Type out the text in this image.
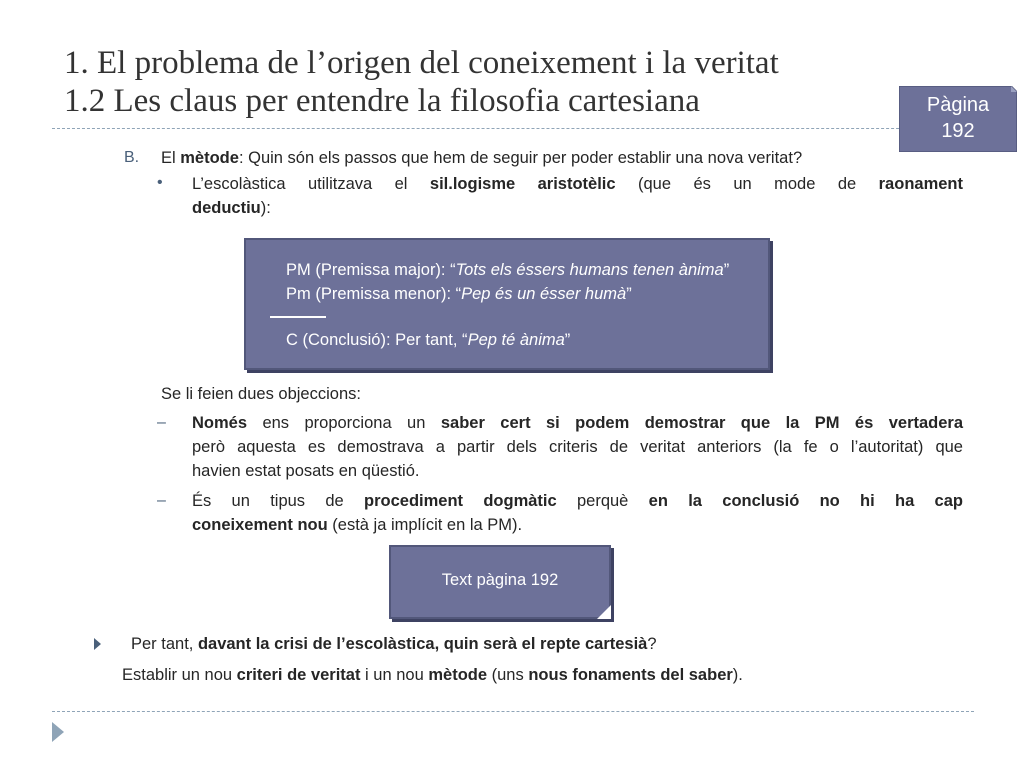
1. El problema de l’origen del coneixement i la veritat
1.2 Les claus per entendre la filosofia cartesiana	Pàgina
192
B. El mètode: Quin són els passos que hem de seguir per poder establir una nova veritat?
• L’escolàstica utilitzava el sil.logisme aristotèlic (que és un mode de raonament
deductiu):
PM (Premissa major): “Tots els éssers humans tenen ànima”
Pm (Premissa menor): “Pep és un ésser humà”
C (Conclusió): Per tant, “Pep té ànima”
Se li feien dues objeccions:
– Només ens proporciona un saber cert si podem demostrar que la PM és vertadera
però aquesta es demostrava a partir dels criteris de veritat anteriors (la fe o l’autoritat) que
havien estat posats en qüestió.
– És un tipus de procediment dogmàtic perquè en la conclusió no hi ha cap
coneixement nou (està ja implícit en la PM).
Text pàgina 192
Per tant, davant la crisi de l’escolàstica, quin serà el repte cartesià?
Establir un nou criteri de veritat i un nou mètode (uns nous fonaments del saber).
